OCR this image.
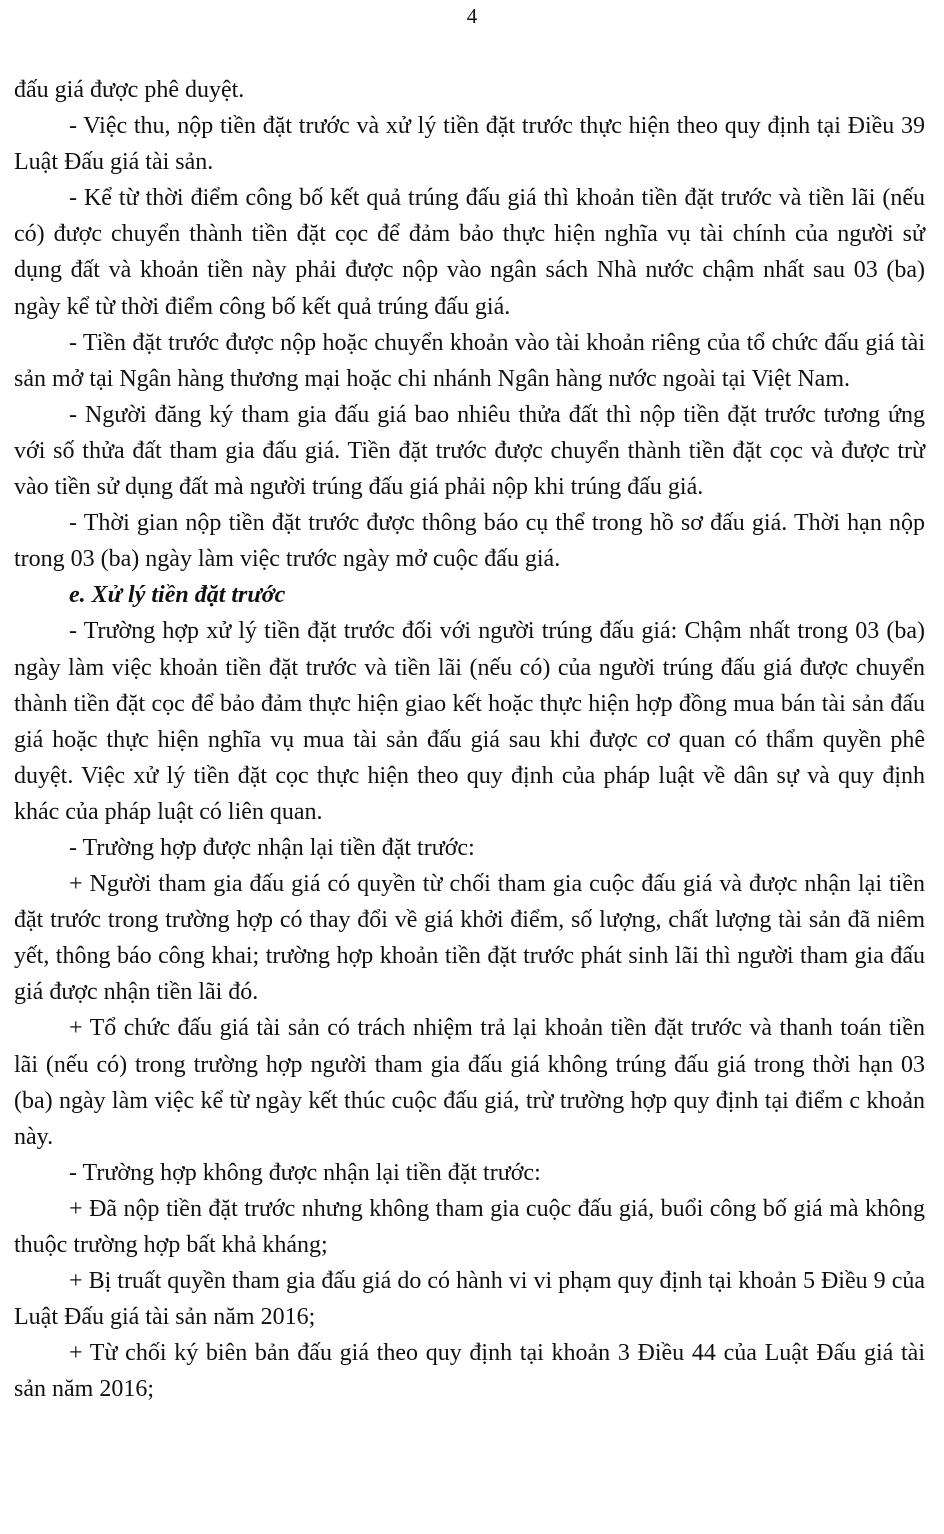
4

đấu giá được phê duyệt.

- Việc thu, nộp tiền đặt trước và xử lý tiền đặt trước thực hiện theo quy định tại Điều 39 Luật Đấu giá tài sản.

- Kể từ thời điểm công bố kết quả trúng đấu giá thì khoản tiền đặt trước và tiền lãi (nếu có) được chuyển thành tiền đặt cọc để đảm bảo thực hiện nghĩa vụ tài chính của người sử dụng đất và khoản tiền này phải được nộp vào ngân sách Nhà nước chậm nhất sau 03 (ba) ngày kể từ thời điểm công bố kết quả trúng đấu giá.

- Tiền đặt trước được nộp hoặc chuyển khoản vào tài khoản riêng của tổ chức đấu giá tài sản mở tại Ngân hàng thương mại hoặc chi nhánh Ngân hàng nước ngoài tại Việt Nam.

- Người đăng ký tham gia đấu giá bao nhiêu thửa đất thì nộp tiền đặt trước tương ứng với số thửa đất tham gia đấu giá. Tiền đặt trước được chuyển thành tiền đặt cọc và được trừ vào tiền sử dụng đất mà người trúng đấu giá phải nộp khi trúng đấu giá.

- Thời gian nộp tiền đặt trước được thông báo cụ thể trong hồ sơ đấu giá. Thời hạn nộp trong 03 (ba) ngày làm việc trước ngày mở cuộc đấu giá.

e. Xử lý tiền đặt trước

- Trường hợp xử lý tiền đặt trước đối với người trúng đấu giá: Chậm nhất trong 03 (ba) ngày làm việc khoản tiền đặt trước và tiền lãi (nếu có) của người trúng đấu giá được chuyển thành tiền đặt cọc để bảo đảm thực hiện giao kết hoặc thực hiện hợp đồng mua bán tài sản đấu giá hoặc thực hiện nghĩa vụ mua tài sản đấu giá sau khi được cơ quan có thẩm quyền phê duyệt. Việc xử lý tiền đặt cọc thực hiện theo quy định của pháp luật về dân sự và quy định khác của pháp luật có liên quan.

- Trường hợp được nhận lại tiền đặt trước:

+ Người tham gia đấu giá có quyền từ chối tham gia cuộc đấu giá và được nhận lại tiền đặt trước trong trường hợp có thay đổi về giá khởi điểm, số lượng, chất lượng tài sản đã niêm yết, thông báo công khai; trường hợp khoản tiền đặt trước phát sinh lãi thì người tham gia đấu giá được nhận tiền lãi đó.

+ Tổ chức đấu giá tài sản có trách nhiệm trả lại khoản tiền đặt trước và thanh toán tiền lãi (nếu có) trong trường hợp người tham gia đấu giá không trúng đấu giá trong thời hạn 03 (ba) ngày làm việc kể từ ngày kết thúc cuộc đấu giá, trừ trường hợp quy định tại điểm c khoản này.

- Trường hợp không được nhận lại tiền đặt trước:

+ Đã nộp tiền đặt trước nhưng không tham gia cuộc đấu giá, buổi công bố giá mà không thuộc trường hợp bất khả kháng;

+ Bị truất quyền tham gia đấu giá do có hành vi vi phạm quy định tại khoản 5 Điều 9 của Luật Đấu giá tài sản năm 2016;

+ Từ chối ký biên bản đấu giá theo quy định tại khoản 3 Điều 44 của Luật Đấu giá tài sản năm 2016;
